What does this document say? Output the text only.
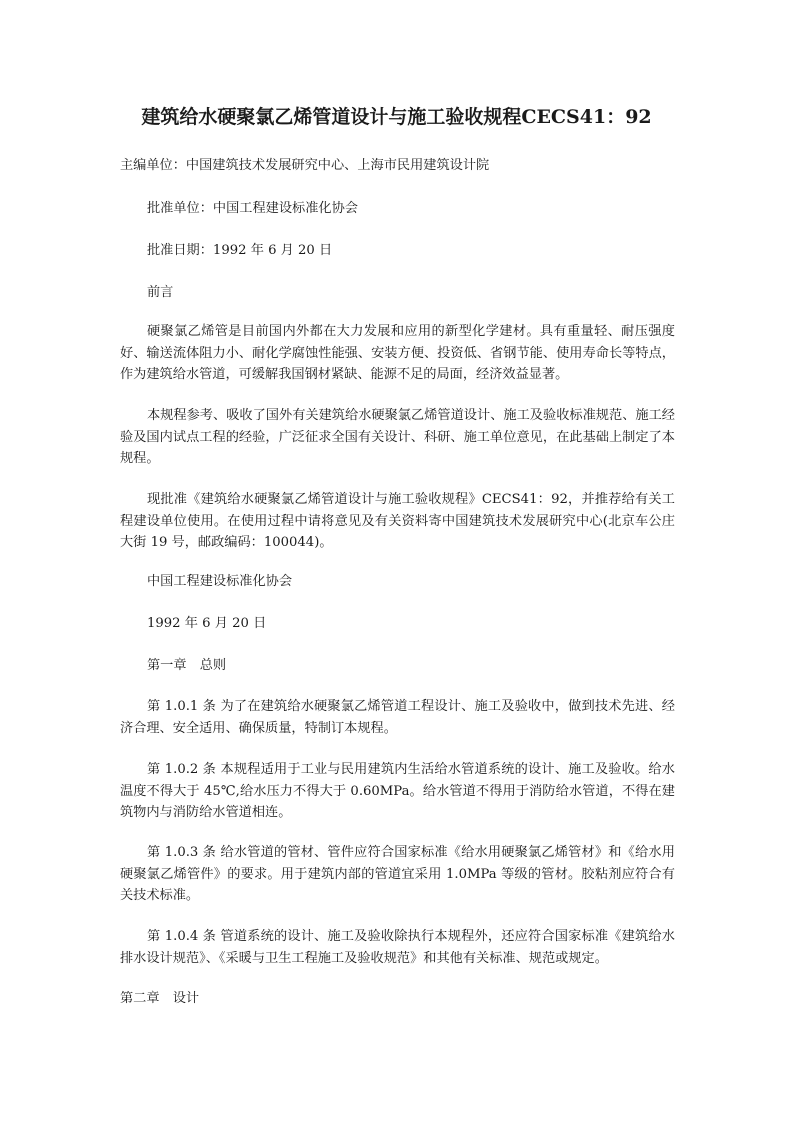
建筑给水硬聚氯乙烯管道设计与施工验收规程CECS41：92

主编单位：中国建筑技术发展研究中心、上海市民用建筑设计院

批准单位：中国工程建设标准化协会

批准日期：1992 年 6 月 20 日

前言

硬聚氯乙烯管是目前国内外都在大力发展和应用的新型化学建材。具有重量轻、耐压强度好、输送流体阻力小、耐化学腐蚀性能强、安装方便、投资低、省钢节能、使用寿命长等特点，作为建筑给水管道，可缓解我国钢材紧缺、能源不足的局面，经济效益显著。

本规程参考、吸收了国外有关建筑给水硬聚氯乙烯管道设计、施工及验收标准规范、施工经验及国内试点工程的经验，广泛征求全国有关设计、科研、施工单位意见，在此基础上制定了本规程。

现批准《建筑给水硬聚氯乙烯管道设计与施工验收规程》CECS41：92，并推荐给有关工程建设单位使用。在使用过程中请将意见及有关资料寄中国建筑技术发展研究中心(北京车公庄大街 19 号，邮政编码：100044)。

中国工程建设标准化协会

1992 年 6 月 20 日

第一章　总则

第 1.0.1 条 为了在建筑给水硬聚氯乙烯管道工程设计、施工及验收中，做到技术先进、经济合理、安全适用、确保质量，特制订本规程。

第 1.0.2 条 本规程适用于工业与民用建筑内生活给水管道系统的设计、施工及验收。给水温度不得大于 45℃,给水压力不得大于 0.60MPa。给水管道不得用于消防给水管道，不得在建筑物内与消防给水管道相连。

第 1.0.3 条 给水管道的管材、管件应符合国家标准《给水用硬聚氯乙烯管材》和《给水用硬聚氯乙烯管件》的要求。用于建筑内部的管道宜采用 1.0MPa 等级的管材。胶粘剂应符合有关技术标准。

第 1.0.4 条 管道系统的设计、施工及验收除执行本规程外，还应符合国家标准《建筑给水排水设计规范》、《采暖与卫生工程施工及验收规范》和其他有关标准、规范或规定。

第二章　设计
